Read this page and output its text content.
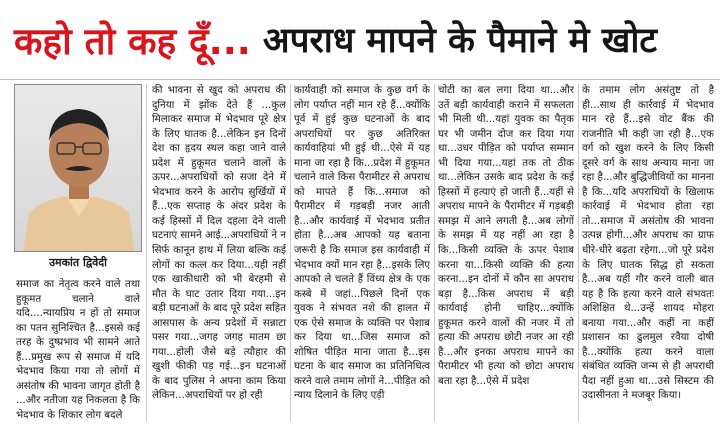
कहो तो कह दूँ... अपराध मापने के पैमाने मे खोट
उमकांत द्विवेदी
समाज का नेतृत्व करने वाले तथा हुकूमत चलाने वाले यदि....न्यायप्रिय न हों तो समाज का पतन सुनिश्चित है...इससे कई तरह के दुष्प्रभाव भी सामने आते हैं...प्रमुख रूप से समाज में यदि भेदभाव किया गया तो लोगों में असंतोष की भावना जागृत होती है ...और नतीजा यह निकलता है कि भेदभाव के शिकार लोग बदले
की भावना से खुद को अपराध की दुनिया में झोंक देते हैं ...कुल मिलाकर समाज में भेदभाव पूरे क्षेत्र के लिए घातक है...लेकिन इन दिनों देश का हृदय स्थल कहा जाने वाले प्रदेश में हुकूमत चलाने वालों के ऊपर...अपराधियों को सजा देने में भेदभाव करने के आरोप सुर्खियों में हैं...एक सप्ताह के अंदर प्रदेश के कई हिस्सों में दिल दहला देने वाली घटनाएं सामने आई...अपराधियों ने न सिर्फ कानून हाथ में लिया बल्कि कई लोगों का कत्ल कर दिया...यही नहीं एक खाकीधारी को भी बेरहमी से मौत के घाट उतार दिया गया...इन बड़ी घटनाओं के बाद पूरे प्रदेश सहित आसपास के अन्य प्रदेशों में सन्नाटा पसर गया...जगह जगह मातम छा गया...होली जैसे बड़े त्यौहार की खुशी फीकी पड़ गई...इन घटनाओं के बाद पुलिस ने अपना काम किया लेकिन...अपराधियों पर हो रही
कार्यवाही को समाज के कुछ वर्ग के लोग पर्याप्त नहीं मान रहे हैं...क्योंकि पूर्व में हुई कुछ घटनाओं के बाद अपराधियों पर कुछ अतिरिक्त कार्यवाहियां भी हुई थी...ऐसे में यह माना जा रहा है कि...प्रदेश में हुकूमत चलाने वाले किस पैरामीटर से अपराध को मापते हैं कि...समाज को पैरामीटर में गड़बड़ी नजर आती है...और कार्यवाई में भेदभाव प्रतीत होता है...अब आपको यह बताना जरूरी है कि समाज इस कार्यवाही में भेदभाव क्यों मान रहा है...इसके लिए आपको ले चलते हैं विंध्य क्षेत्र के एक कस्बे में जहां...पिछले दिनों एक युवक ने संभवत नशे की हालत में एक ऐसे समाज के व्यक्ति पर पेशाब कर दिया था...जिस समाज को शोषित पीड़ित माना जाता है...इस घटना के बाद समाज का प्रतिनिधित्व करने वाले तमाम लोगों ने...पीड़ित को न्याय दिलाने के लिए एड़ी
चोटी का बल लगा दिया था...और उतें बड़ी कार्यवाही कराने में सफलता भी मिली थी...यहां युवक का पैतृक घर भी जमीन दोज कर दिया गया था...उधर पीड़ित को पर्याप्त सम्मान भी दिया गया...यहां तक तो ठीक था...लेकिन उसके बाद प्रदेश के कई हिस्सों में हत्याएं हो जाती हैं...यहीं से अपराध मापने के पैरामीटर में गड़बड़ी समझ में आने लगती है...अब लोगों के समझ में यह नहीं आ रहा है कि...किसी व्यक्ति के ऊपर पेशाब करना या...किसी व्यक्ति की हत्या करना...इन दोनों में कौन सा अपराध बड़ा है...किस अपराध में बड़ी कार्यवाई होनी चाहिए...क्योंकि हुकूमत करने वालों की नजर में तो हत्या की अपराध छोटी नजर आ रही है...और इनका अपराध मापने का पैरामीटर भी हत्या को छोटा अपराध बता रहा है...ऐसे में प्रदेश
के तमाम लोग असंतुष्ट तो है ही...साथ ही कार्रवाई में भेदभाव मान रहे हैं...इसे वोट बैंक की राजनीति भी कही जा रही है...एक वर्ग को खुश करने के लिए किसी दूसरे वर्ग के साथ अन्याय माना जा रहा है...और बुद्धिजीवियों का मानना है कि...यदि अपराधियों के खिलाफ कार्रवाई में भेदभाव होता रहा तो...समाज में असंतोष की भावना उत्पन्न होगी...और अपराध का ग्राफ धीरे-धीरे बढ़ता रहेगा...जो पूरे प्रदेश के लिए घातक सिद्ध हो सकता है...अब यहीं गौर करने वाली बात यह है कि हत्या करने वाले संभवतः अशिक्षित थे...उन्हें शायद मोहरा बनाया गया...और कहीं ना कहीं प्रशासन का ढुलमुल रवैया दोषी है...क्योंकि हत्या करने वाला संबंधित व्यक्ति जन्म से ही अपराधी पैदा नहीं हुआ था...उसे सिस्टम की उदासीनता ने मजबूर किया।
